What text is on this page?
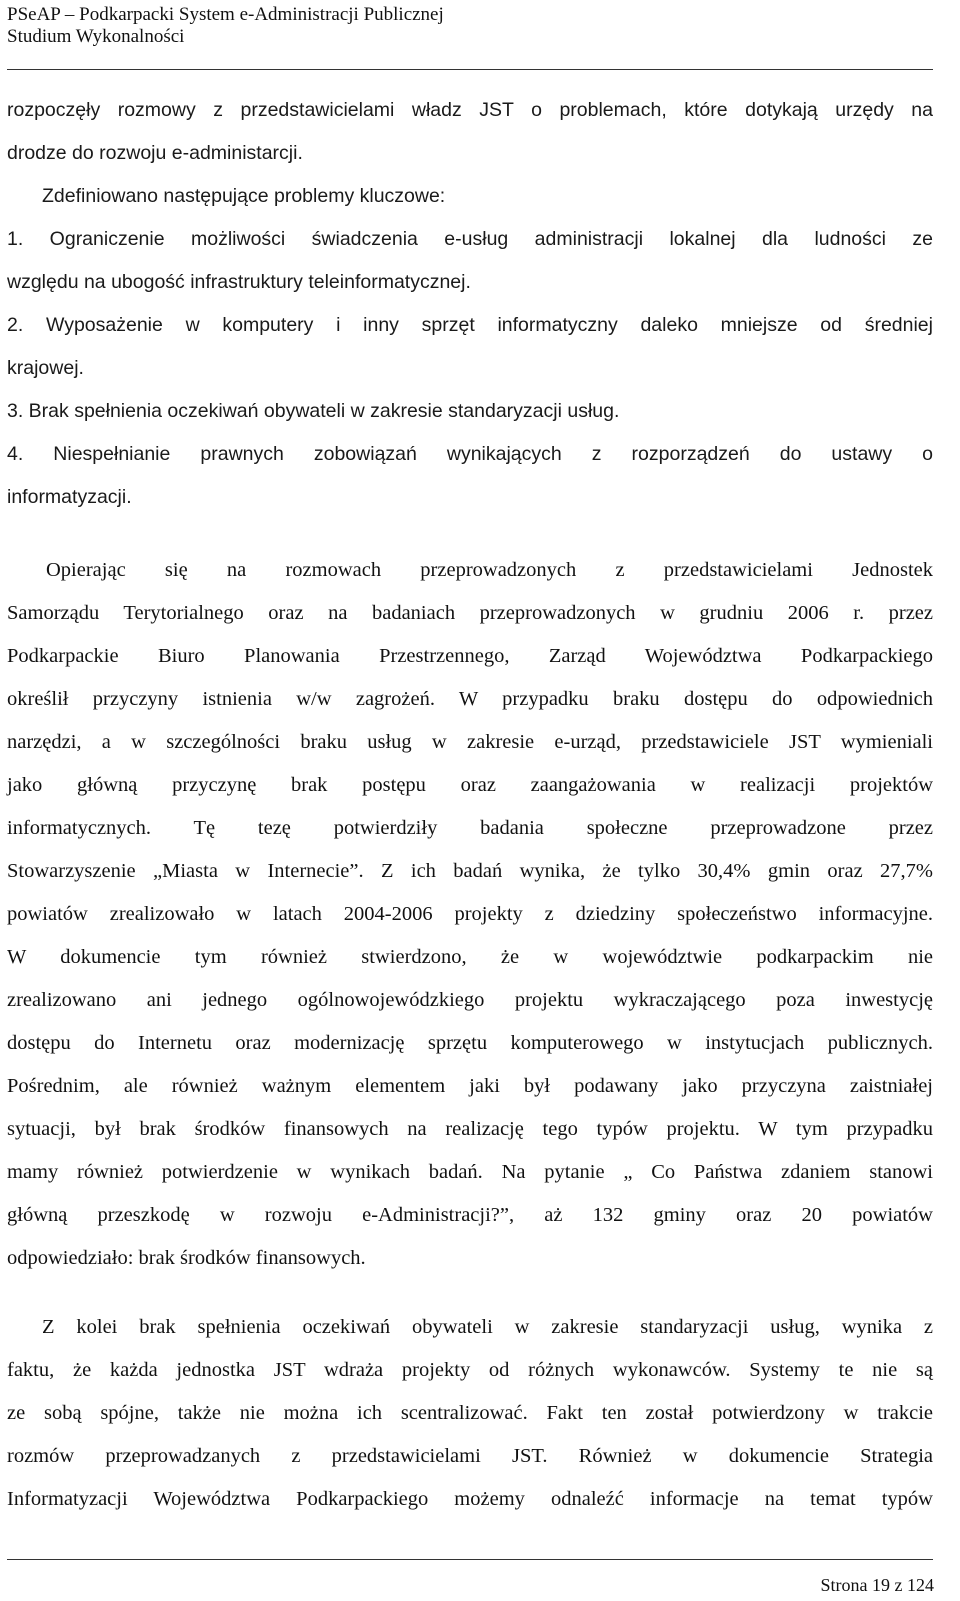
PSeAP – Podkarpacki System e-Administracji Publicznej
Studium Wykonalności
rozpoczęły rozmowy z przedstawicielami władz JST o problemach, które dotykają urzędy na
drodze do rozwoju e-administarcji.
Zdefiniowano następujące problemy kluczowe:
1. Ograniczenie możliwości świadczenia e-usług administracji lokalnej dla ludności ze
względu na ubogość infrastruktury teleinformatycznej.
2. Wyposażenie w komputery i inny sprzęt informatyczny daleko mniejsze od średniej
krajowej.
3. Brak spełnienia oczekiwań obywateli w zakresie standaryzacji usług.
4. Niespełnianie prawnych zobowiązań wynikających z rozporządzeń do ustawy o
informatyzacji.
Opierając się na rozmowach przeprowadzonych z przedstawicielami Jednostek
Samorządu Terytorialnego oraz na badaniach przeprowadzonych w grudniu 2006 r. przez
Podkarpackie Biuro Planowania Przestrzennego, Zarząd Województwa Podkarpackiego
określił przyczyny istnienia w/w zagrożeń. W przypadku braku dostępu do odpowiednich
narzędzi, a w szczególności braku usług w zakresie e-urząd, przedstawiciele JST wymieniali
jako główną przyczynę brak postępu oraz zaangażowania w realizacji projektów
informatycznych. Tę tezę potwierdziły badania społeczne przeprowadzone przez
Stowarzyszenie „Miasta w Internecie”. Z ich badań wynika, że tylko 30,4% gmin oraz 27,7%
powiatów zrealizowało w latach 2004-2006 projekty z dziedziny społeczeństwo informacyjne.
W dokumencie tym również stwierdzono, że w województwie podkarpackim nie
zrealizowano ani jednego ogólnowojewódzkiego projektu wykraczającego poza inwestycję
dostępu do Internetu oraz modernizację sprzętu komputerowego w instytucjach publicznych.
Pośrednim, ale również ważnym elementem jaki był podawany jako przyczyna zaistniałej
sytuacji, był brak środków finansowych na realizację tego typów projektu. W tym przypadku
mamy również potwierdzenie w wynikach badań. Na pytanie „ Co Państwa zdaniem stanowi
główną przeszkodę w rozwoju e-Administracji?”, aż 132 gminy oraz 20 powiatów
odpowiedziało: brak środków finansowych.
Z kolei brak spełnienia oczekiwań obywateli w zakresie standaryzacji usług, wynika z
faktu, że każda jednostka JST wdraża projekty od różnych wykonawców. Systemy te nie są
ze sobą spójne, także nie można ich scentralizować. Fakt ten został potwierdzony w trakcie
rozmów przeprowadzanych z przedstawicielami JST. Również w dokumencie Strategia
Informatyzacji Województwa Podkarpackiego możemy odnaleźć informacje na temat typów
Strona 19 z 124
